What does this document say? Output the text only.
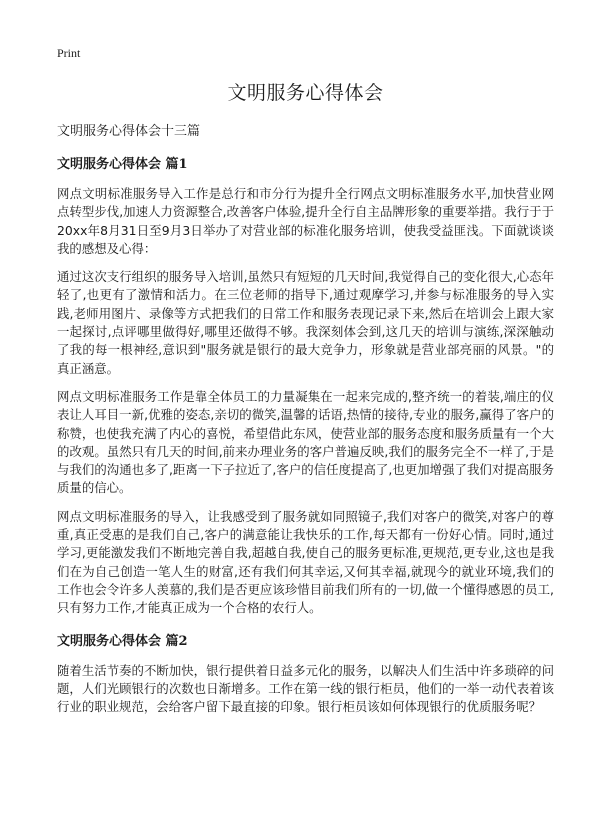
Print

文明服务心得体会

文明服务心得体会十三篇

文明服务心得体会 篇1

网点文明标准服务导入工作是总行和市分行为提升全行网点文明标准服务水平,加快营业网点转型步伐,加速人力资源整合,改善客户体验,提升全行自主品牌形象的重要举措。我行于于20xx年8月31日至9月3日举办了对营业部的标准化服务培训，使我受益匪浅。下面就谈谈我的感想及心得：

通过这次支行组织的服务导入培训,虽然只有短短的几天时间,我觉得自己的变化很大,心态年轻了,也更有了激情和活力。在三位老师的指导下,通过观摩学习,并参与标准服务的导入实践,老师用图片、录像等方式把我们的日常工作和服务表现记录下来,然后在培训会上跟大家一起探讨,点评哪里做得好,哪里还做得不够。我深刻体会到,这几天的培训与演练,深深触动了我的每一根神经,意识到"服务就是银行的最大竞争力，形象就是营业部亮丽的风景。"的真正涵意。

网点文明标准服务工作是靠全体员工的力量凝集在一起来完成的,整齐统一的着装,端庄的仪表让人耳目一新,优雅的姿态,亲切的微笑,温馨的话语,热情的接待,专业的服务,赢得了客户的称赞，也使我充满了内心的喜悦，希望借此东风，使营业部的服务态度和服务质量有一个大的改观。虽然只有几天的时间,前来办理业务的客户普遍反映,我们的服务完全不一样了,于是与我们的沟通也多了,距离一下子拉近了,客户的信任度提高了,也更加增强了我们对提高服务质量的信心。

网点文明标准服务的导入，让我感受到了服务就如同照镜子,我们对客户的微笑,对客户的尊重,真正受惠的是我们自己,客户的满意能让我快乐的工作,每天都有一份好心情。同时,通过学习,更能激发我们不断地完善自我,超越自我,使自己的服务更标准,更规范,更专业,这也是我们在为自己创造一笔人生的财富,还有我们何其幸运,又何其幸福,就现今的就业环境,我们的工作也会令许多人羡慕的,我们是否更应该珍惜目前我们所有的一切,做一个懂得感恩的员工,只有努力工作,才能真正成为一个合格的农行人。

文明服务心得体会 篇2

随着生活节奏的不断加快，银行提供着日益多元化的服务，以解决人们生活中许多琐碎的问题，人们光顾银行的次数也日渐增多。工作在第一线的银行柜员，他们的一举一动代表着该行业的职业规范，会给客户留下最直接的印象。银行柜员该如何体现银行的优质服务呢？
